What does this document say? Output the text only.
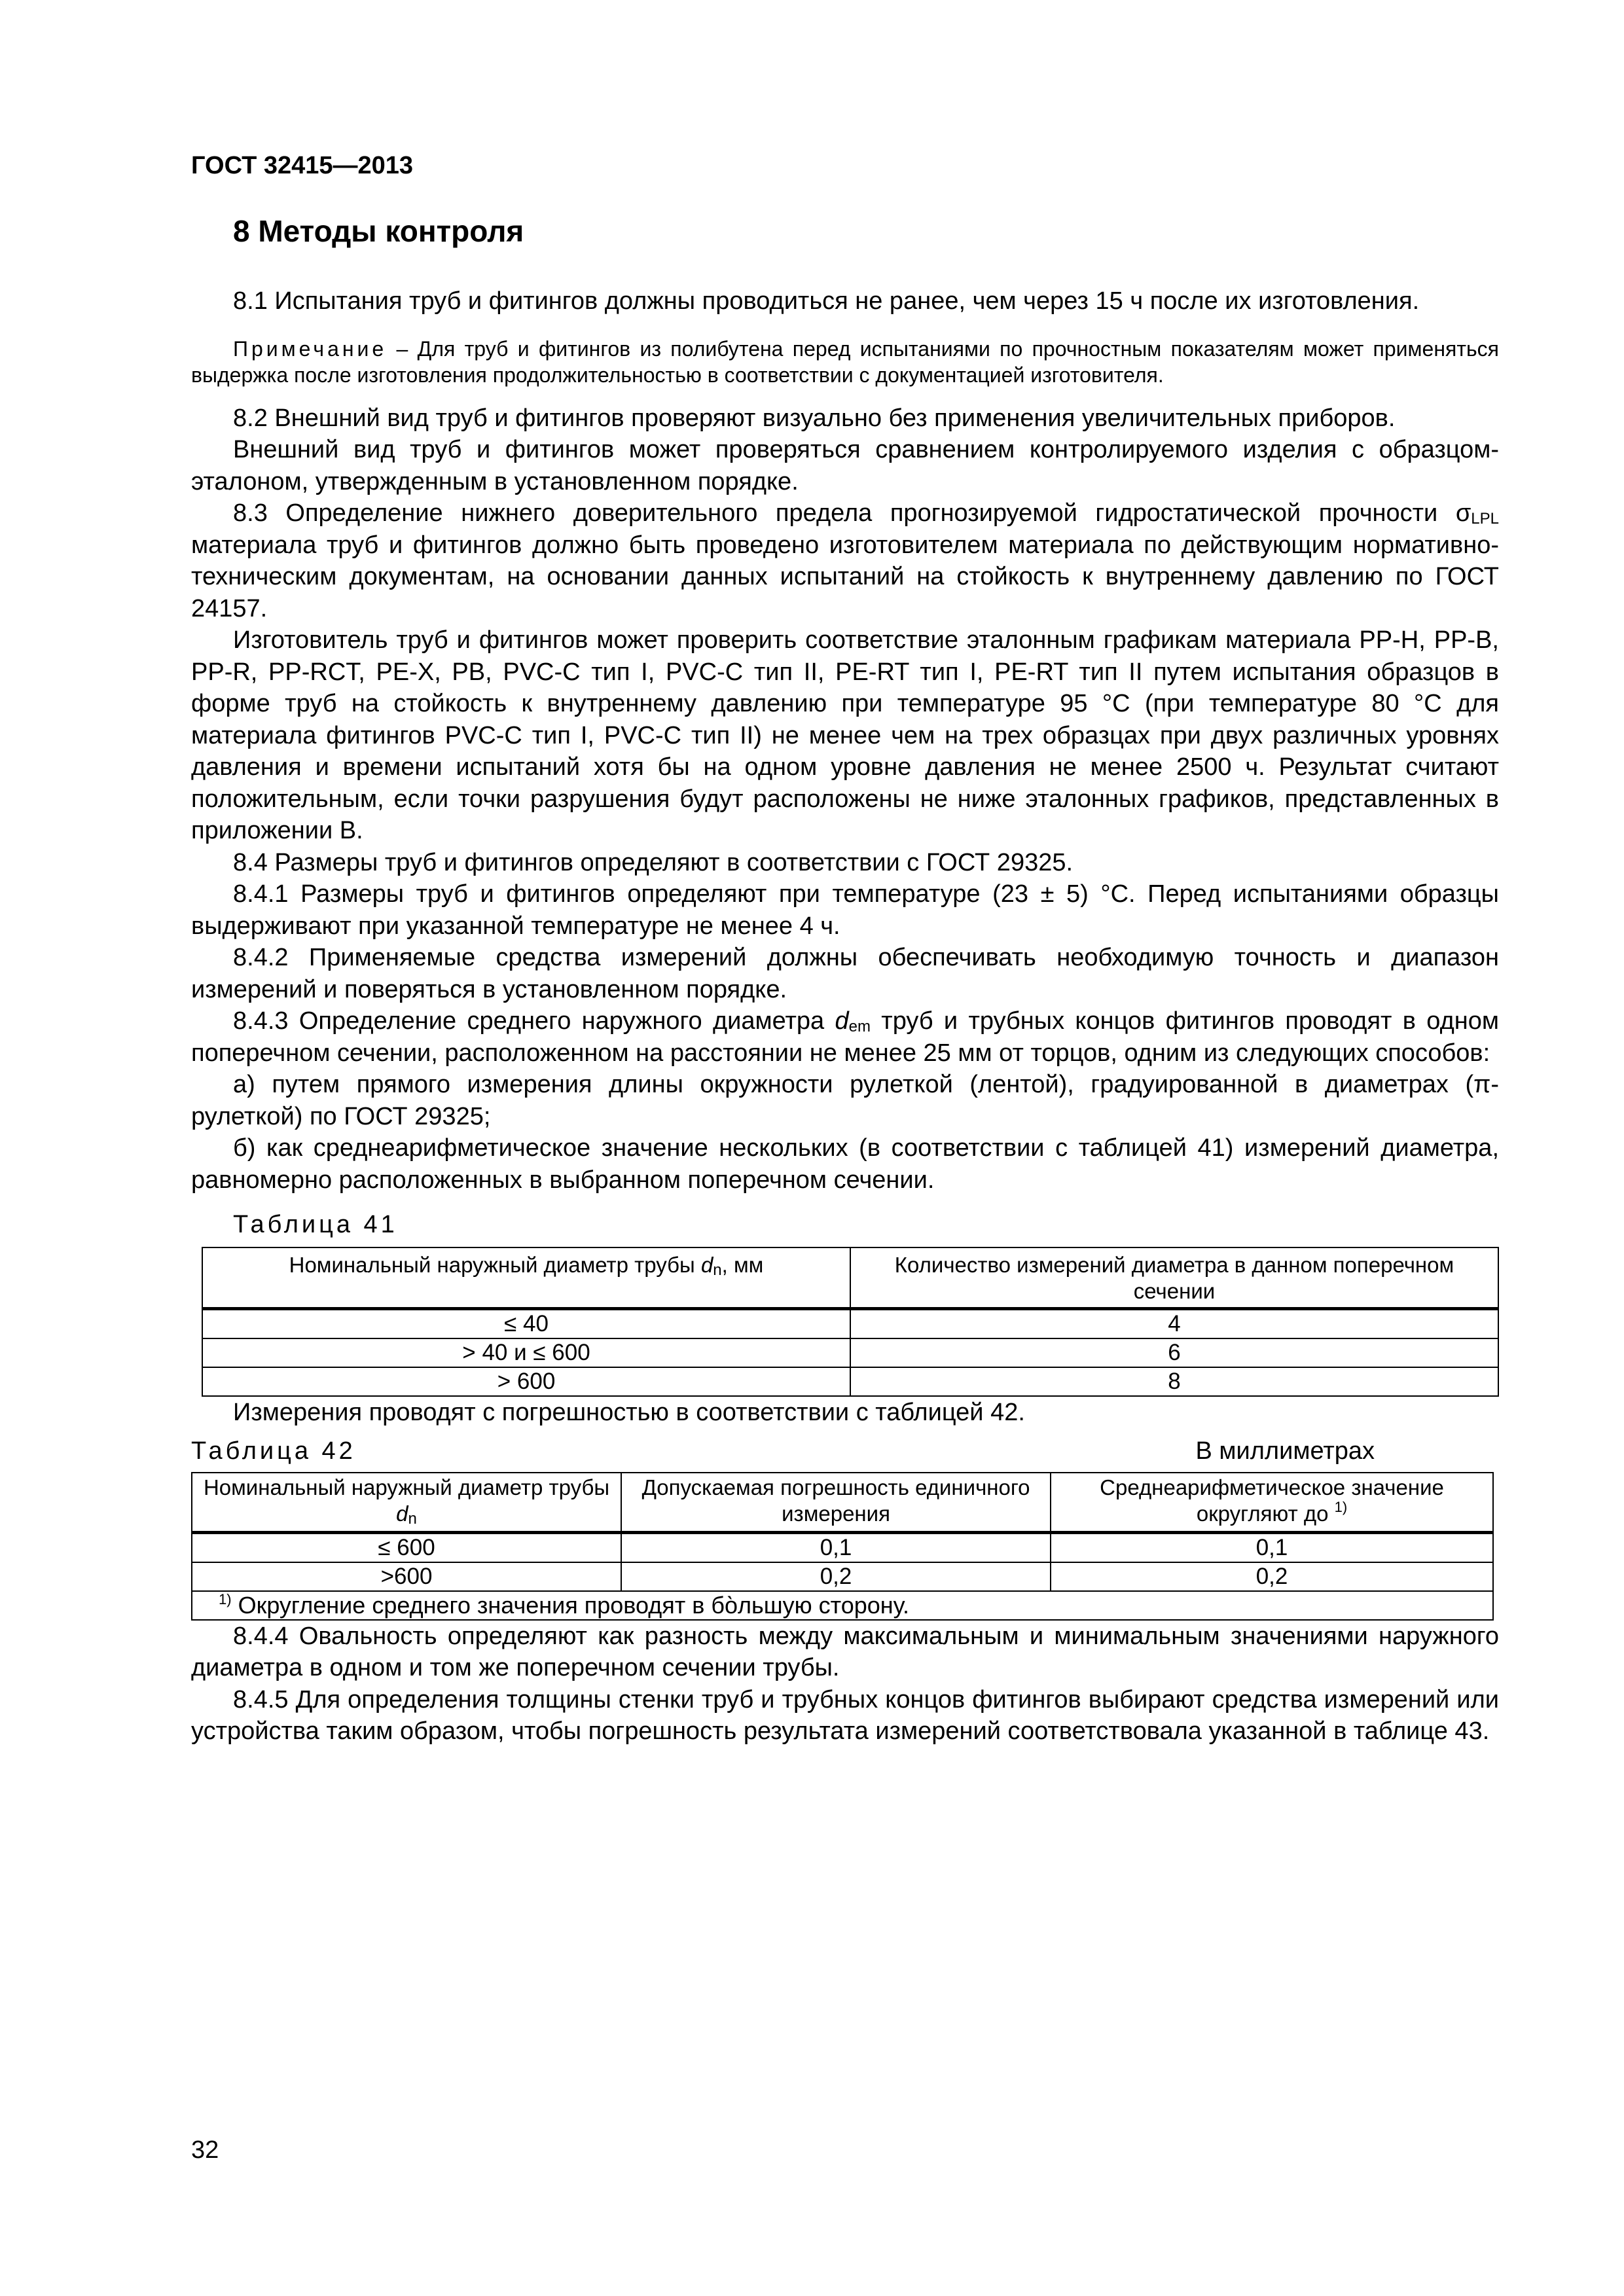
ГОСТ 32415—2013
8 Методы контроля

8.1 Испытания труб и фитингов должны проводиться не ранее, чем через 15 ч после их изготовления.

Примечание – Для труб и фитингов из полибутена перед испытаниями по прочностным показателям может применяться выдержка после изготовления продолжительностью в соответствии с документацией изготовителя.

8.2 Внешний вид труб и фитингов проверяют визуально без применения увеличительных приборов.

Внешний вид труб и фитингов может проверяться сравнением контролируемого изделия с образцом-эталоном, утвержденным в установленном порядке.

8.3 Определение нижнего доверительного предела прогнозируемой гидростатической прочности $\sigma_{LPL}$ материала труб и фитингов должно быть проведено изготовителем материала по действующим нормативно-техническим документам, на основании данных испытаний на стойкость к внутреннему давлению по ГОСТ 24157.

Изготовитель труб и фитингов может проверить соответствие эталонным графикам материала PP-H, PP-B, PP-R, PP-RCT, PE-X, PB, PVC-C тип I, PVC-C тип II, PE-RT тип I, PE-RT тип II путем испытания образцов в форме труб на стойкость к внутреннему давлению при температуре 95 °С (при температуре 80 °С для материала фитингов PVC-C тип I, PVC-C тип II) не менее чем на трех образцах при двух различных уровнях давления и времени испытаний хотя бы на одном уровне давления не менее 2500 ч. Результат считают положительным, если точки разрушения будут расположены не ниже эталонных графиков, представленных в приложении В.

8.4 Размеры труб и фитингов определяют в соответствии с ГОСТ 29325.

8.4.1 Размеры труб и фитингов определяют при температуре (23 ± 5) °С. Перед испытаниями образцы выдерживают при указанной температуре не менее 4 ч.

8.4.2 Применяемые средства измерений должны обеспечивать необходимую точность и диапазон измерений и поверяться в установленном порядке.

8.4.3 Определение среднего наружного диаметра $d_{em}$ труб и трубных концов фитингов проводят в одном поперечном сечении, расположенном на расстоянии не менее 25 мм от торцов, одним из следующих способов:

а) путем прямого измерения длины окружности рулеткой (лентой), градуированной в диаметрах (π-рулеткой) по ГОСТ 29325;

б) как среднеарифметическое значение нескольких (в соответствии с таблицей 41) измерений диаметра, равномерно расположенных в выбранном поперечном сечении.

Таблица 41
Номинальный наружный диаметр трубы $d_n$, мм	Количество измерений диаметра в данном поперечном сечении
≤ 40	4
> 40 и ≤ 600	6
> 600	8

Измерения проводят с погрешностью в соответствии с таблицей 42.

Таблица 42	В миллиметрах
Номинальный наружный диаметр трубы $d_n$	Допускаемая погрешность единичного измерения	Среднеарифметическое значение округляют до $^{1)}$
≤ 600	0,1	0,1
>600	0,2	0,2
$^{1)}$ Округление среднего значения проводят в бо̀льшую сторону.		

8.4.4 Овальность определяют как разность между максимальным и минимальным значениями наружного диаметра в одном и том же поперечном сечении трубы.

8.4.5 Для определения толщины стенки труб и трубных концов фитингов выбирают средства измерений или устройства таким образом, чтобы погрешность результата измерений соответствовала указанной в таблице 43.

32
